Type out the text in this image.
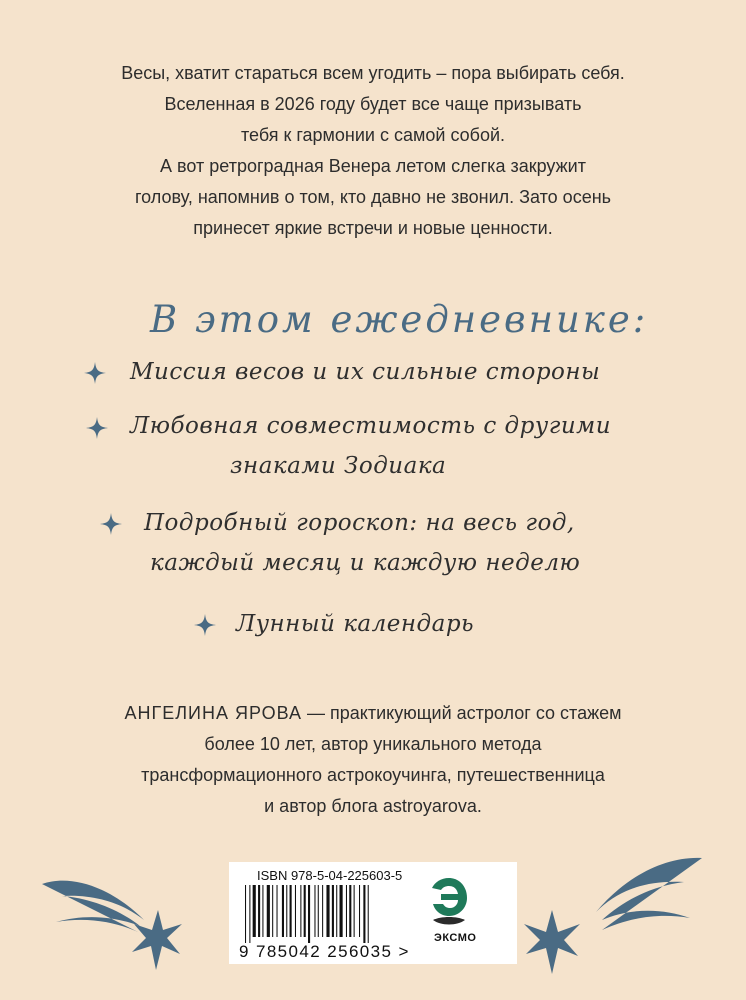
Весы, хватит стараться всем угодить – пора выбирать себя.
Вселенная в 2026 году будет все чаще призывать
тебя к гармонии с самой собой.
А вот ретроградная Венера летом слегка закружит
голову, напомнив о том, кто давно не звонил. Зато осень
принесет яркие встречи и новые ценности.
В этом ежедневнике:
Миссия весов и их сильные стороны
Любовная совместимость с другими
знаками Зодиака
Подробный гороскоп: на весь год,
каждый месяц и каждую неделю
Лунный календарь
АНГЕЛИНА ЯРОВА — практикующий астролог со стажем
более 10 лет, автор уникального метода
трансформационного астрокоучинга, путешественница
и автор блога astroyarova.
ISBN 978-5-04-225603-5
9 785042 256035 >
ЭКСМО
